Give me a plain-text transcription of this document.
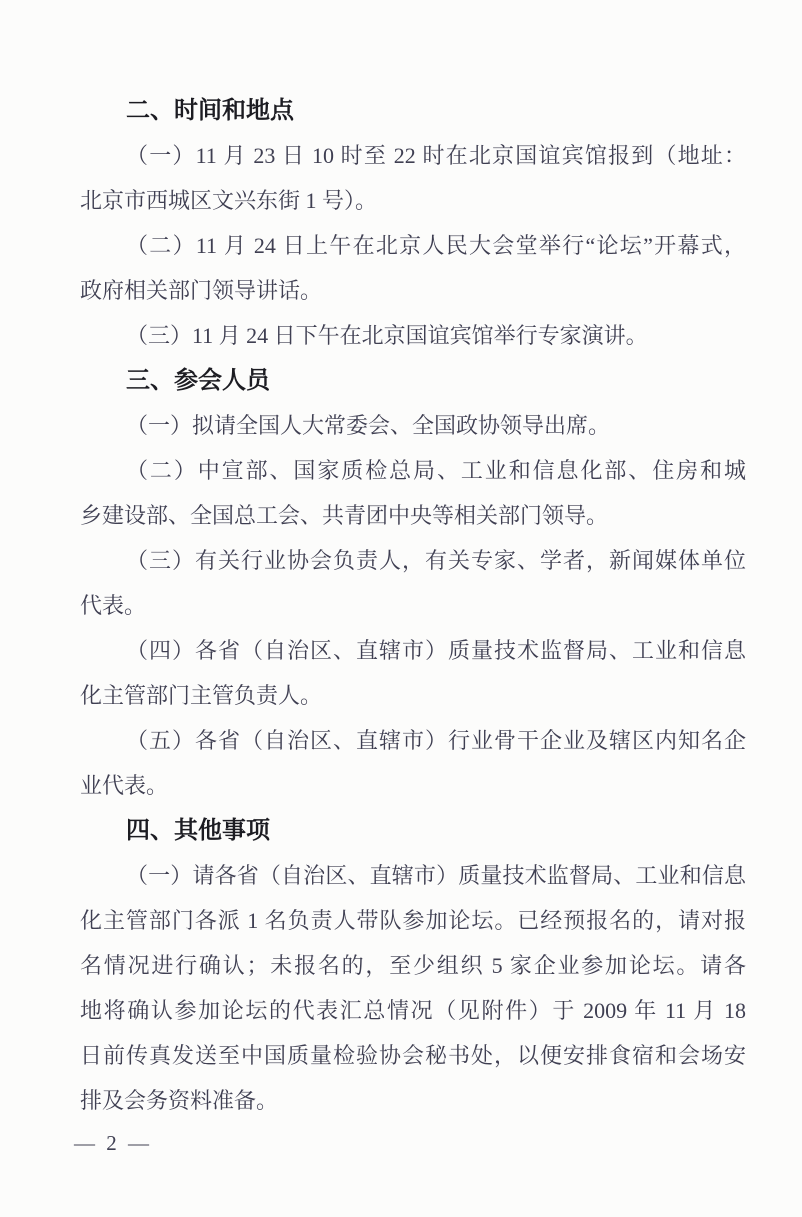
二、时间和地点
（一）11 月 23 日 10 时至 22 时在北京国谊宾馆报到（地址：
北京市西城区文兴东街 1 号）。
（二）11 月 24 日上午在北京人民大会堂举行“论坛”开幕式，
政府相关部门领导讲话。
（三）11 月 24 日下午在北京国谊宾馆举行专家演讲。
三、参会人员
（一）拟请全国人大常委会、全国政协领导出席。
（二）中宣部、国家质检总局、工业和信息化部、住房和城
乡建设部、全国总工会、共青团中央等相关部门领导。
（三）有关行业协会负责人，有关专家、学者，新闻媒体单位
代表。
（四）各省（自治区、直辖市）质量技术监督局、工业和信息
化主管部门主管负责人。
（五）各省（自治区、直辖市）行业骨干企业及辖区内知名企
业代表。
四、其他事项
（一）请各省（自治区、直辖市）质量技术监督局、工业和信息
化主管部门各派 1 名负责人带队参加论坛。已经预报名的，请对报
名情况进行确认；未报名的，至少组织 5 家企业参加论坛。请各
地将确认参加论坛的代表汇总情况（见附件）于 2009 年 11 月 18
日前传真发送至中国质量检验协会秘书处，以便安排食宿和会场安
排及会务资料准备。
— 2 —
